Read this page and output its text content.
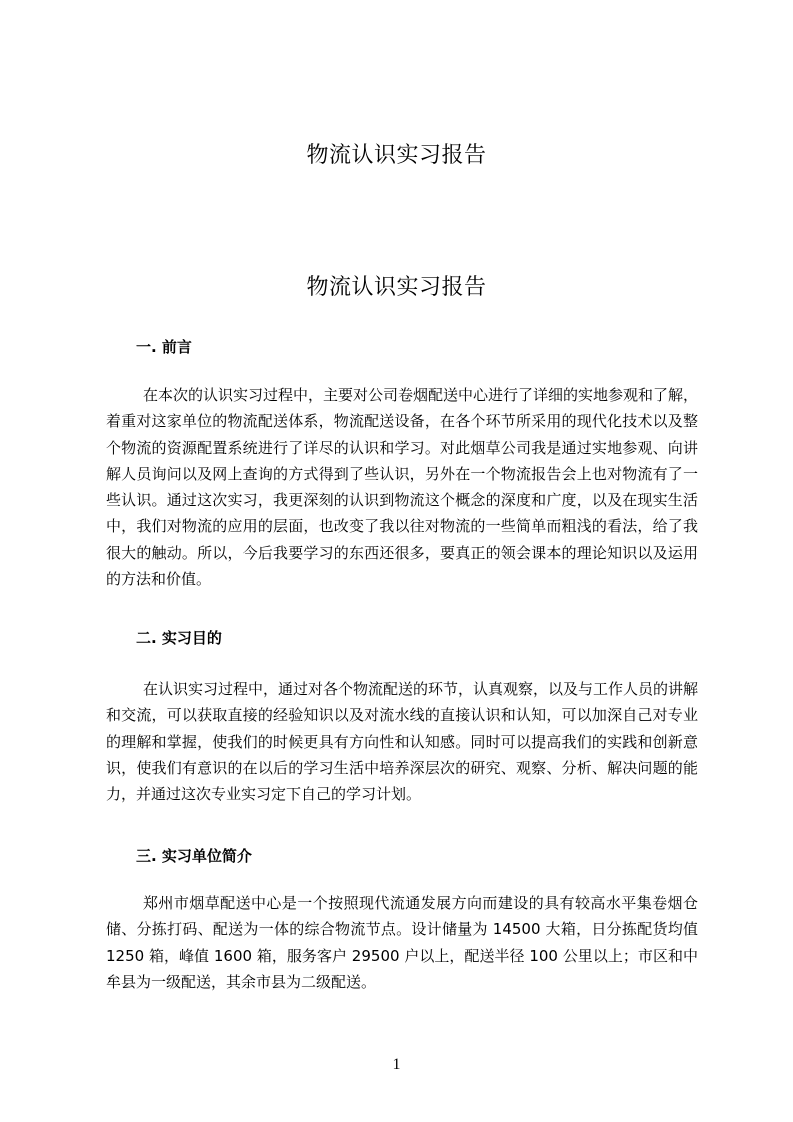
物流认识实习报告
物流认识实习报告
一. 前言

在本次的认识实习过程中，主要对公司卷烟配送中心进行了详细的实地参观和了解，着重对这家单位的物流配送体系，物流配送设备，在各个环节所采用的现代化技术以及整个物流的资源配置系统进行了详尽的认识和学习。对此烟草公司我是通过实地参观、向讲解人员询问以及网上查询的方式得到了些认识，另外在一个物流报告会上也对物流有了一些认识。通过这次实习，我更深刻的认识到物流这个概念的深度和广度，以及在现实生活中，我们对物流的应用的层面，也改变了我以往对物流的一些简单而粗浅的看法，给了我很大的触动。所以，今后我要学习的东西还很多，要真正的领会课本的理论知识以及运用的方法和价值。

二. 实习目的

在认识实习过程中，通过对各个物流配送的环节，认真观察，以及与工作人员的讲解和交流，可以获取直接的经验知识以及对流水线的直接认识和认知，可以加深自己对专业的理解和掌握，使我们的时候更具有方向性和认知感。同时可以提高我们的实践和创新意识，使我们有意识的在以后的学习生活中培养深层次的研究、观察、分析、解决问题的能力，并通过这次专业实习定下自己的学习计划。

三. 实习单位简介

郑州市烟草配送中心是一个按照现代流通发展方向而建设的具有较高水平集卷烟仓储、分拣打码、配送为一体的综合物流节点。设计储量为 14500 大箱，日分拣配货均值 1250 箱，峰值 1600 箱，服务客户 29500 户以上，配送半径 100 公里以上；市区和中牟县为一级配送，其余市县为二级配送。

1
